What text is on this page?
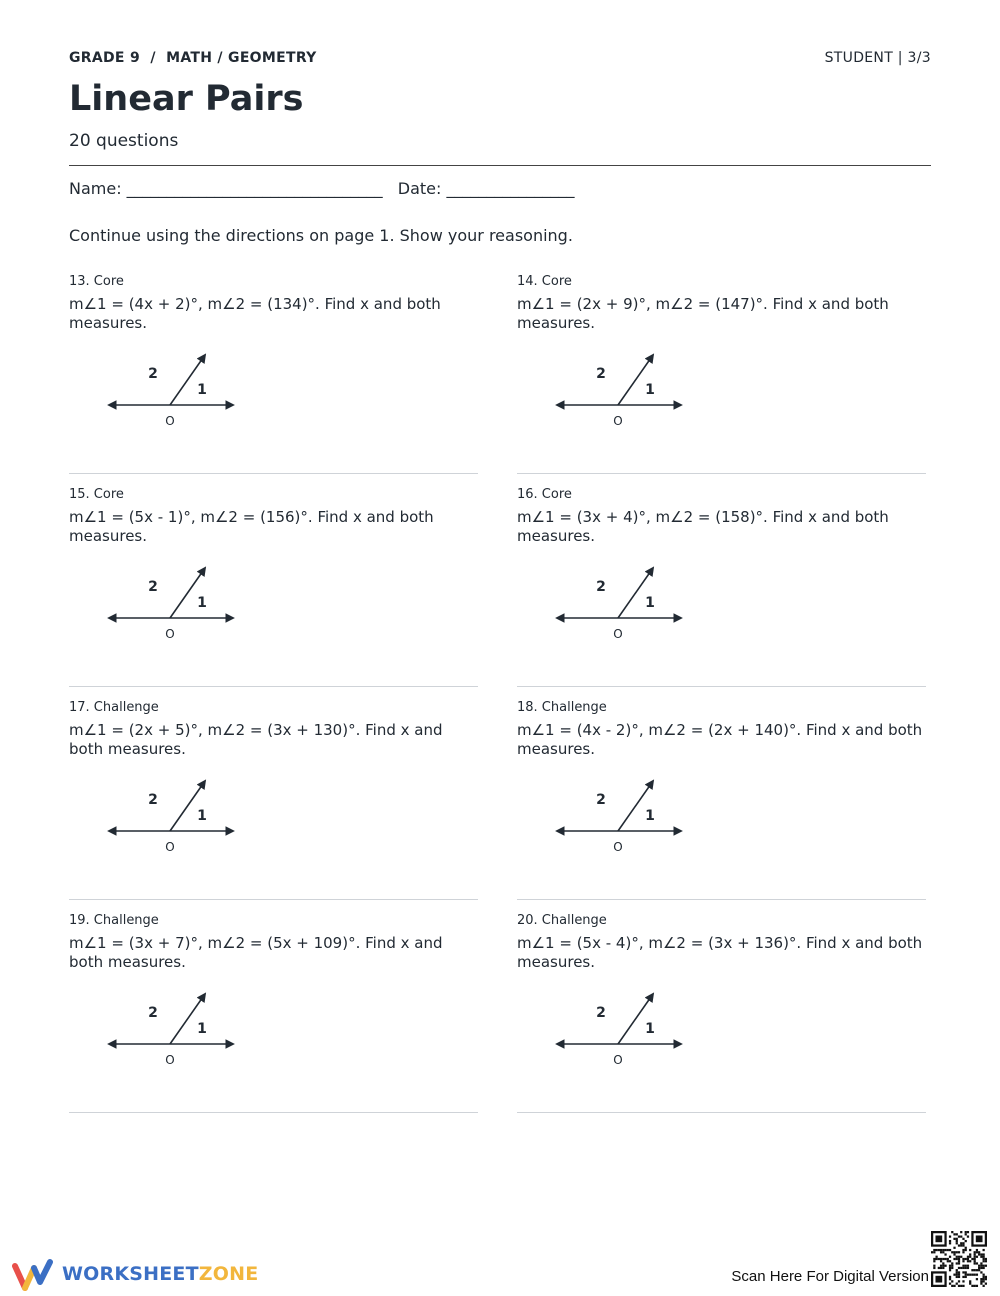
GRADE 9  /  MATH / GEOMETRY	STUDENT | 3/3
Linear Pairs
20 questions
Name: ________________________________ Date: ________________
Continue using the directions on page 1. Show your reasoning.
13. Core
m∠1 = (4x + 2)°, m∠2 = (134)°. Find x and both measures.
2
1
O
14. Core
m∠1 = (2x + 9)°, m∠2 = (147)°. Find x and both measures.
2
1
O
15. Core
m∠1 = (5x - 1)°, m∠2 = (156)°. Find x and both measures.
2
1
O
16. Core
m∠1 = (3x + 4)°, m∠2 = (158)°. Find x and both measures.
2
1
O
17. Challenge
m∠1 = (2x + 5)°, m∠2 = (3x + 130)°. Find x and both measures.
2
1
O
18. Challenge
m∠1 = (4x - 2)°, m∠2 = (2x + 140)°. Find x and both measures.
2
1
O
19. Challenge
m∠1 = (3x + 7)°, m∠2 = (5x + 109)°. Find x and both measures.
2
1
O
20. Challenge
m∠1 = (5x - 4)°, m∠2 = (3x + 136)°. Find x and both measures.
2
1
O
WORKSHEETZONE	Scan Here For Digital Version
